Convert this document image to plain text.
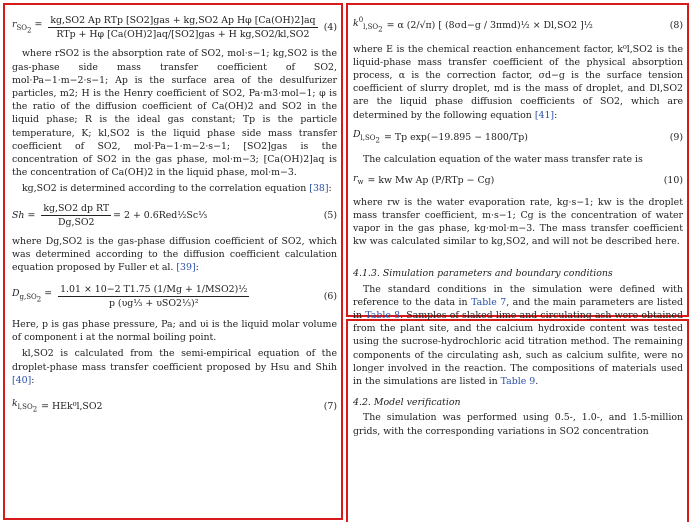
$r_{SO_2} = \frac{\text{kg,SO2 Ap RTp [SO2]gas + kg,SO2 Ap Hφ [Ca(OH)2]aq}}{\text{RTp + Hφ [Ca(OH)2]aq/[SO2]gas + H kg,SO2/kl,SO2}} (4)$

where rSO2 is the absorption rate of SO2, mol·s−1; kg,SO2 is the gas-phase side mass transfer coefficient of SO2, mol·Pa−1·m−2·s−1; Ap is the surface area of the desulfurizer particles, m2; H is the Henry coefficient of SO2, Pa·m3·mol−1; φ is the ratio of the diffusion coefficient of Ca(OH)2 and SO2 in the liquid phase; R is the ideal gas constant; Tp is the particle temperature, K; kl,SO2 is the liquid phase side mass transfer coefficient of SO2, mol·Pa−1·m−2·s−1; [SO2]gas is the concentration of SO2 in the gas phase, mol·m−3; [Ca(OH)2]aq is the concentration of Ca(OH)2 in the liquid phase, mol·m−3.

kg,SO2 is determined according to the correlation equation [38]:

$Sh = \frac{\text{kg,SO2 dp RT}}{Dg,SO2} = 2$ + 0.6Red½Sc⅓	(5)

where Dg,SO2 is the gas-phase diffusion coefficient of SO2, which was determined according to the diffusion coefficient calculation equation proposed by Fuller et al. [39]:

$D_{g,SO_2} = \frac{\text{1.01 × 10−2 T1.75 (1/Mg + 1/MSO2)½}}{\text{p (υg⅓ + υSO2⅓)²}}$	(6)

Here, p is gas phase pressure, Pa; and υi is the liquid molar volume of component i at the normal boiling point.

kl,SO2 is calculated from the semi-empirical equation of the droplet-phase mass transfer coefficient proposed by Hsu and Shih [40]:

$k_{l,SO_2} = HEk^0l,SO2$	(7)
$k^0_{l,SO_2} = \alpha$ (2/√π) [ (8σd−g / 3πmd)½ × Dl,SO2 ]½	(8)

where E is the chemical reaction enhancement factor, k⁰l,SO2 is the liquid-phase mass transfer coefficient of the physical absorption process, α is the correction factor, σd−g is the surface tension coefficient of slurry droplet, md is the mass of droplet, and Dl,SO2 are the liquid phase diffusion coefficients of SO2, which are determined by the following equation [41]:

$D_{l,SO_2} = Tp$ exp(−19.895 − 1800/Tp)	(9)

The calculation equation of the water mass transfer rate is

$r_w$ = kw Mw Ap (P/RTp − Cg)	(10)

where rw is the water evaporation rate, kg·s−1; kw is the droplet mass transfer coefficient, m·s−1; Cg is the concentration of water vapor in the gas phase, kg·mol·m−3. The mass transfer coefficient kw was calculated similar to kg,SO2, and will not be described here.

4.1.3. Simulation parameters and boundary conditions

The standard conditions in the simulation were defined with reference to the data in Table 7, and the main parameters are listed in Table 8. Samples of slaked lime and circulating ash were obtained from the plant site, and the calcium hydroxide content was tested using the sucrose-hydrochloric acid titration method. The remaining components of the circulating ash, such as calcium sulfite, were no longer involved in the reaction. The compositions of materials used in the simulations are listed in Table 9.

4.2. Model verification

The simulation was performed using 0.5-, 1.0-, and 1.5-million grids, with the corresponding variations in SO2 concentration
